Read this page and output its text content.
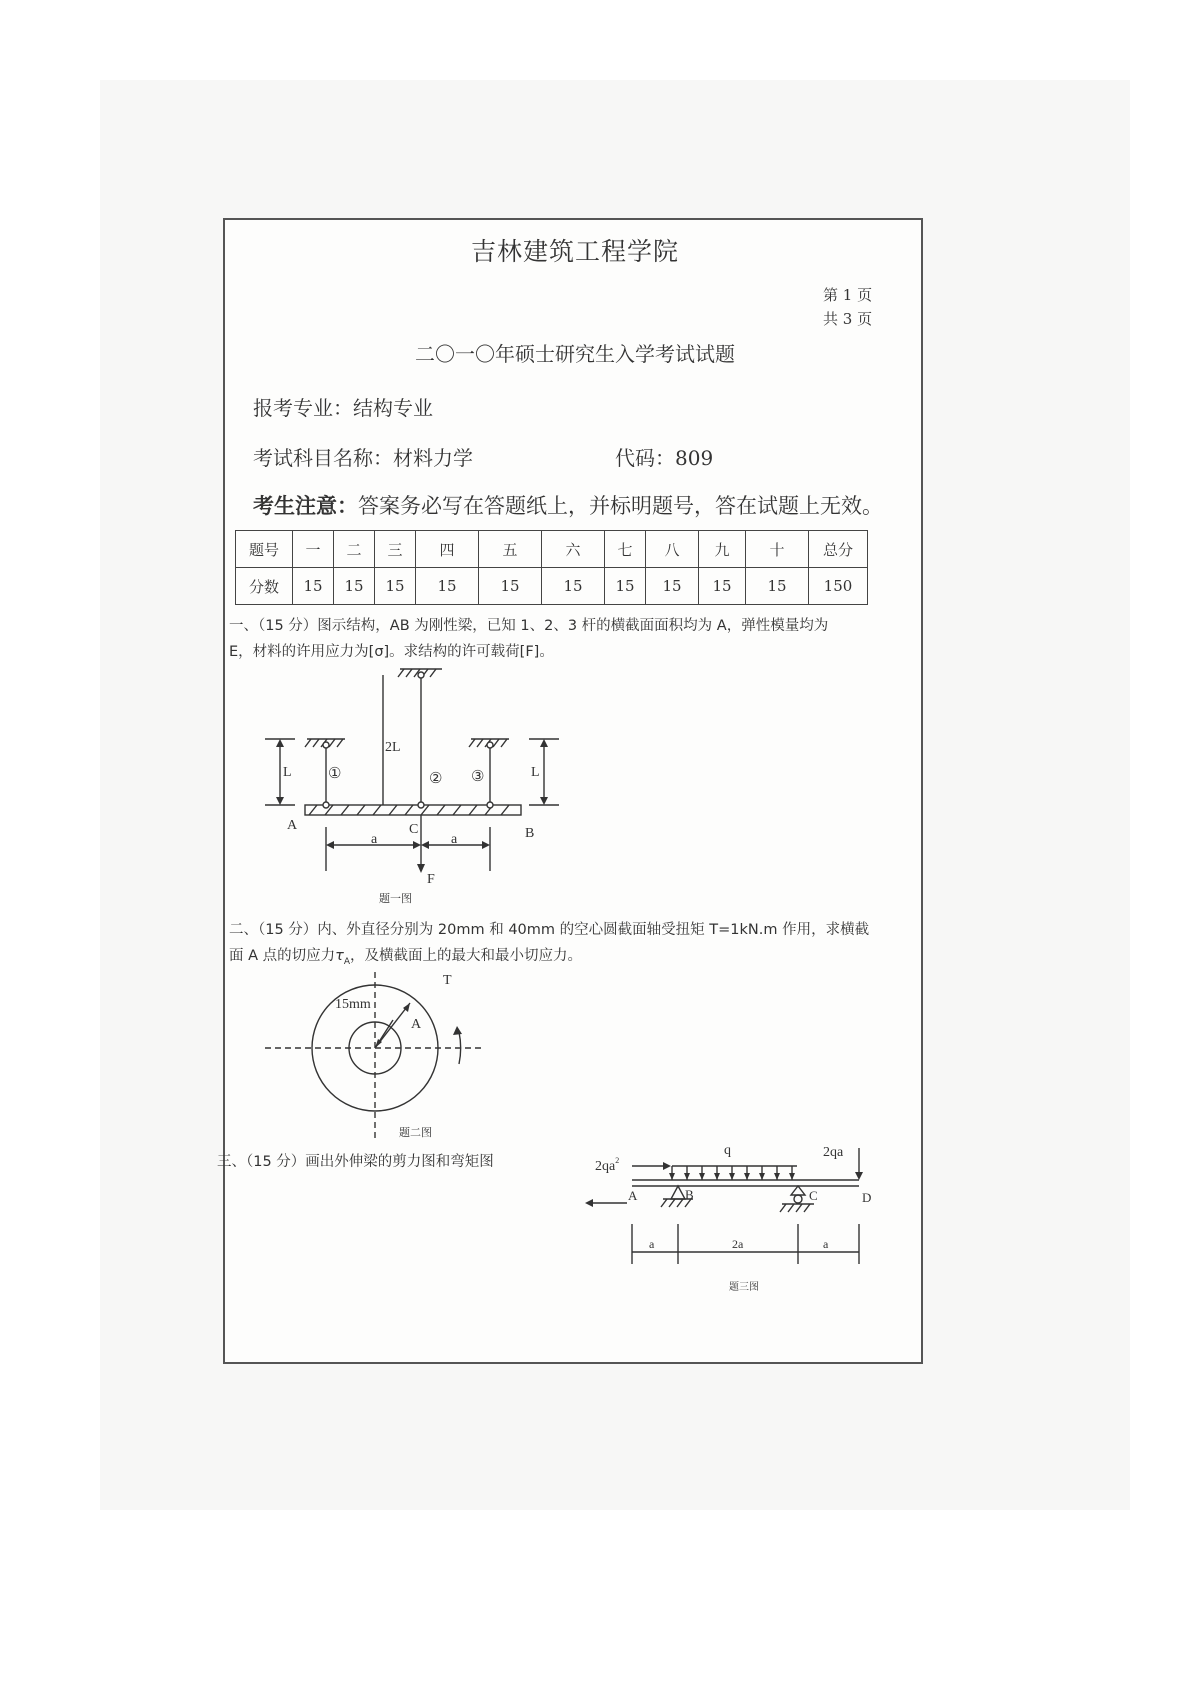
吉林建筑工程学院
第 1 页
共 3 页
二〇一〇年硕士研究生入学考试试题
报考专业：结构专业
考试科目名称：材料力学	代码：809
考生注意：答案务必写在答题纸上，并标明题号，答在试题上无效。
题号	一	二	三	四	五	六	七	八	九	十	总分
分数	15	15	15	15	15	15	15	15	15	15	150
一、（15 分）图示结构，AB 为刚性梁，已知 1、2、3 杆的横截面面积均为 A，弹性模量均为
E，材料的许用应力为[σ]。求结构的许可载荷[F]。
L	L
2L
①	② ③
A
B
C
a	a
F
题一图
二、（15 分）内、外直径分别为 20mm 和 40mm 的空心圆截面轴受扭矩 T=1kN.m 作用，求横截
面 A 点的切应力$\tau_A$，及横截面上的最大和最小切应力。
15mm
A
T
题二图
三、（15 分）画出外伸梁的剪力图和弯矩图	$2qa^2$
q	2qa
A	B	C	D
a	2a	a
题三图
